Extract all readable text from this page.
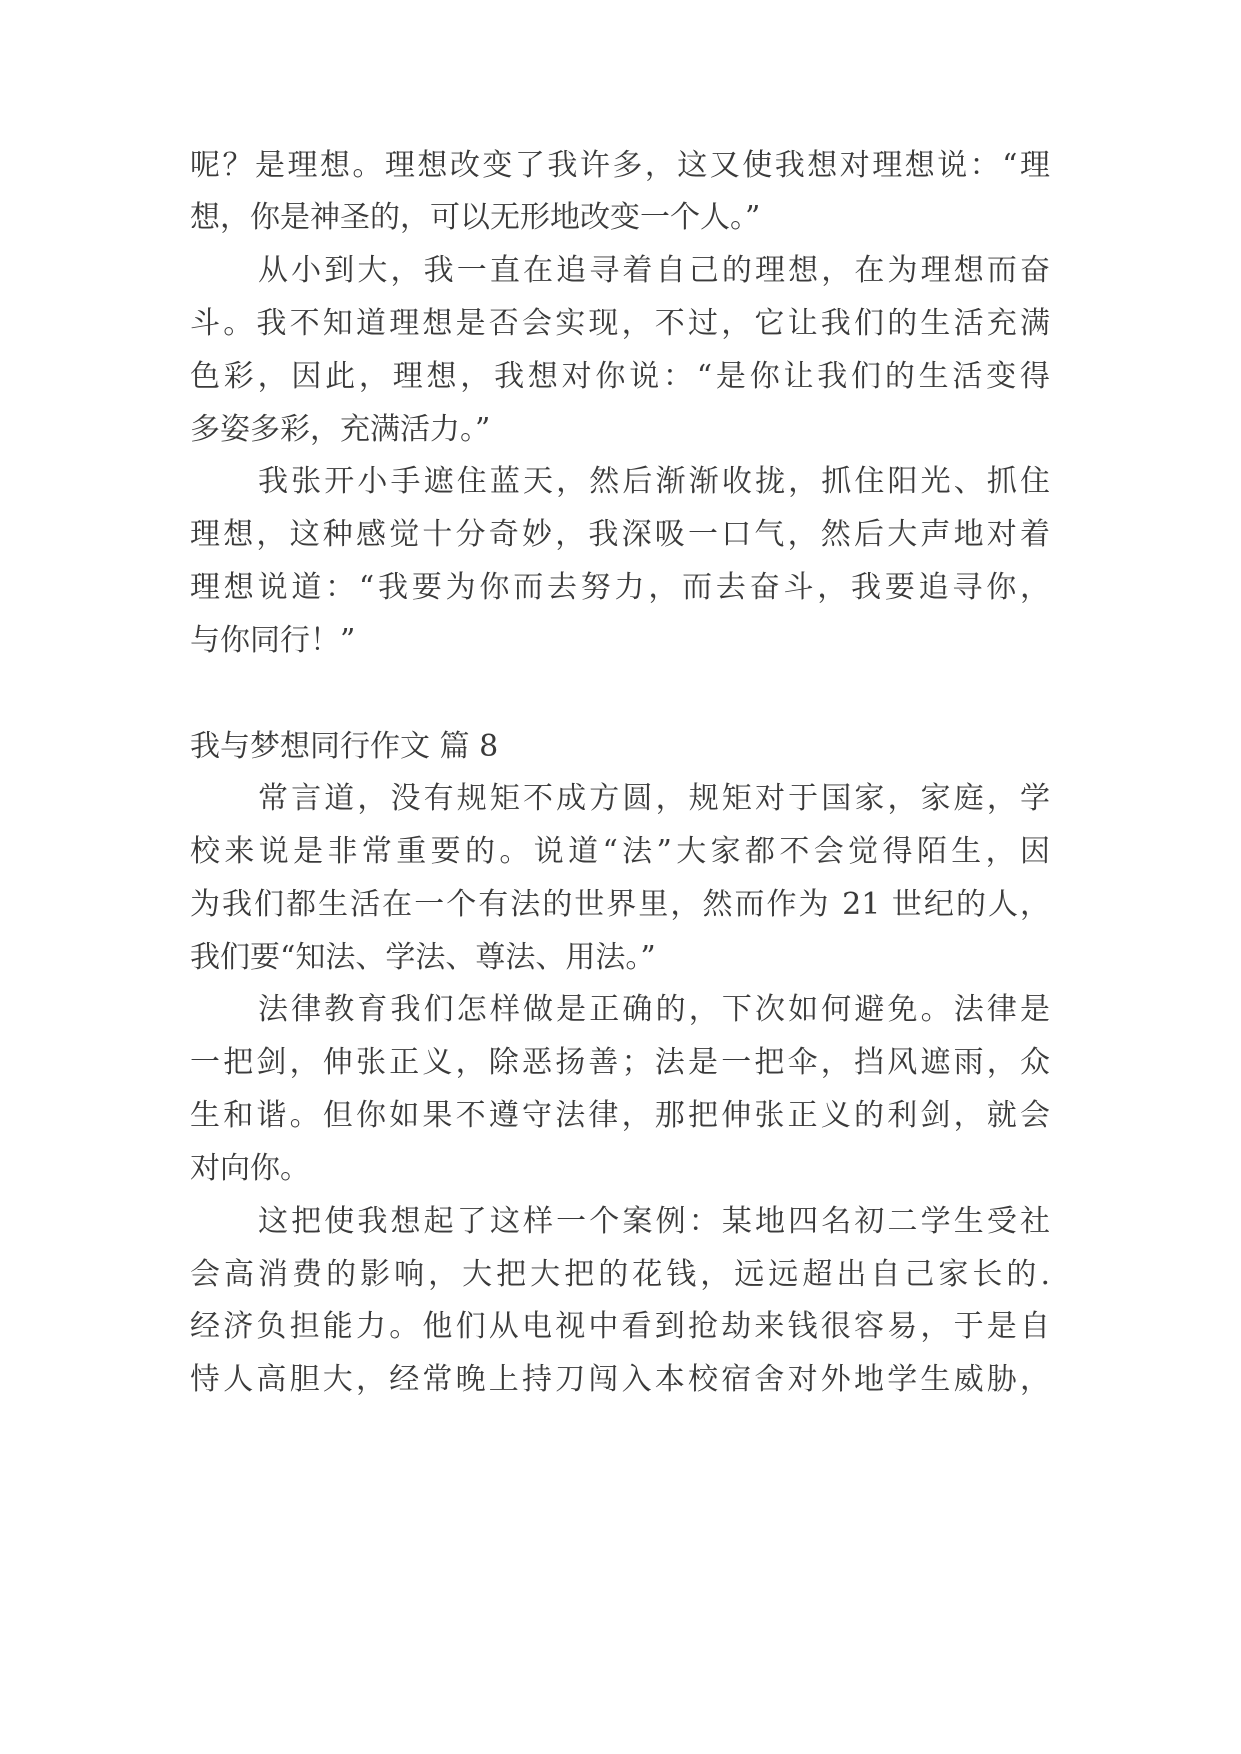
呢？是理想。理想改变了我许多，这又使我想对理想说：“理
想，你是神圣的，可以无形地改变一个人。”
从小到大，我一直在追寻着自己的理想，在为理想而奋
斗。我不知道理想是否会实现，不过，它让我们的生活充满
色彩，因此，理想，我想对你说：“是你让我们的生活变得
多姿多彩，充满活力。”
我张开小手遮住蓝天，然后渐渐收拢，抓住阳光、抓住
理想，这种感觉十分奇妙，我深吸一口气，然后大声地对着
理想说道：“我要为你而去努力，而去奋斗，我要追寻你，
与你同行！”
我与梦想同行作文 篇 8
常言道，没有规矩不成方圆，规矩对于国家，家庭，学
校来说是非常重要的。说道“法”大家都不会觉得陌生，因
为我们都生活在一个有法的世界里，然而作为 21 世纪的人，
我们要“知法、学法、尊法、用法。”
法律教育我们怎样做是正确的，下次如何避免。法律是
一把剑，伸张正义，除恶扬善；法是一把伞，挡风遮雨，众
生和谐。但你如果不遵守法律，那把伸张正义的利剑，就会
对向你。
这把使我想起了这样一个案例：某地四名初二学生受社
会高消费的影响，大把大把的花钱，远远超出自己家长的.
经济负担能力。他们从电视中看到抢劫来钱很容易，于是自
恃人高胆大，经常晚上持刀闯入本校宿舍对外地学生威胁，
